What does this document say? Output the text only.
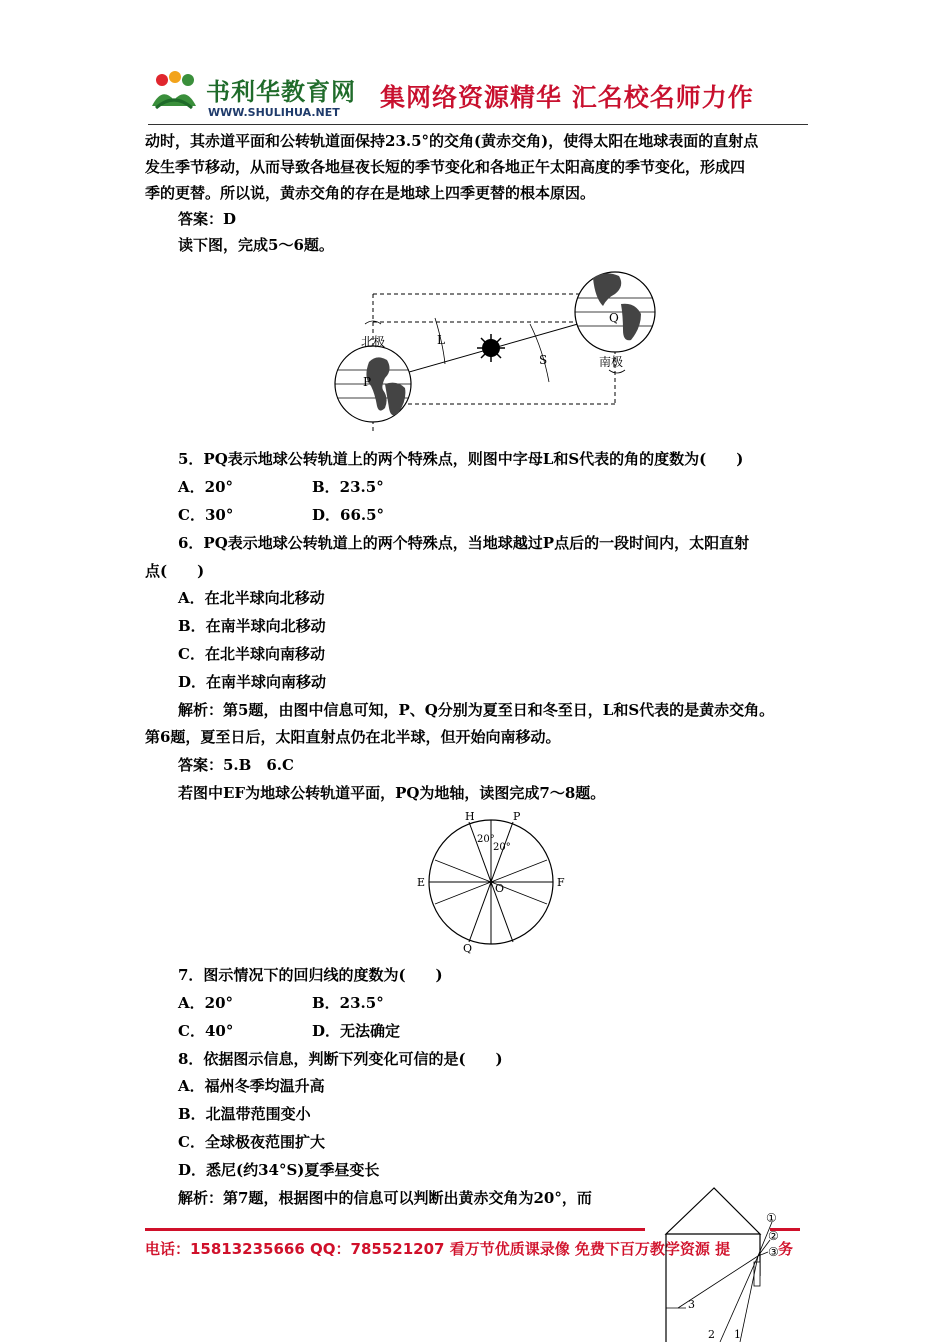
书利华教育网
WWW.SHULIHUA.NET
集网络资源精华 汇名校名师力作
动时，其赤道平面和公转轨道面保持23.5°的交角(黄赤交角)，使得太阳在地球表面的直射点
发生季节移动，从而导致各地昼夜长短的季节变化和各地正午太阳高度的季节变化，形成四
季的更替。所以说，黄赤交角的存在是地球上四季更替的根本原因。
答案：D
读下图，完成5～6题。
北极
南极
L
S
P
Q
5．PQ表示地球公转轨道上的两个特殊点，则图中字母L和S代表的角的度数为(　　)
A．20°	B．23.5°
C．30°	D．66.5°
6．PQ表示地球公转轨道上的两个特殊点，当地球越过P点后的一段时间内，太阳直射
点(　　)
A．在北半球向北移动
B．在南半球向北移动
C．在北半球向南移动
D．在南半球向南移动
解析：第5题，由图中信息可知，P、Q分别为夏至日和冬至日，L和S代表的是黄赤交角。
第6题，夏至日后，太阳直射点仍在北半球，但开始向南移动。
答案：5.B　6.C
若图中EF为地球公转轨道平面，PQ为地轴，读图完成7～8题。
H	P
20°
20°
E	F
O
Q
7．图示情况下的回归线的度数为(　　)
A．20°	B．23.5°
C．40°	D．无法确定
8．依据图示信息，判断下列变化可信的是(　　)
A．福州冬季均温升高
B．北温带范围变小
C．全球极夜范围扩大
D．悉尼(约34°S)夏季昼变长
解析：第7题，根据图中的信息可以判断出黄赤交角为20°，而
电话：15813235666 QQ：785521207 看万节优质课录像 免费下百万教学资源 提	务
①
②
③
3
2 1
